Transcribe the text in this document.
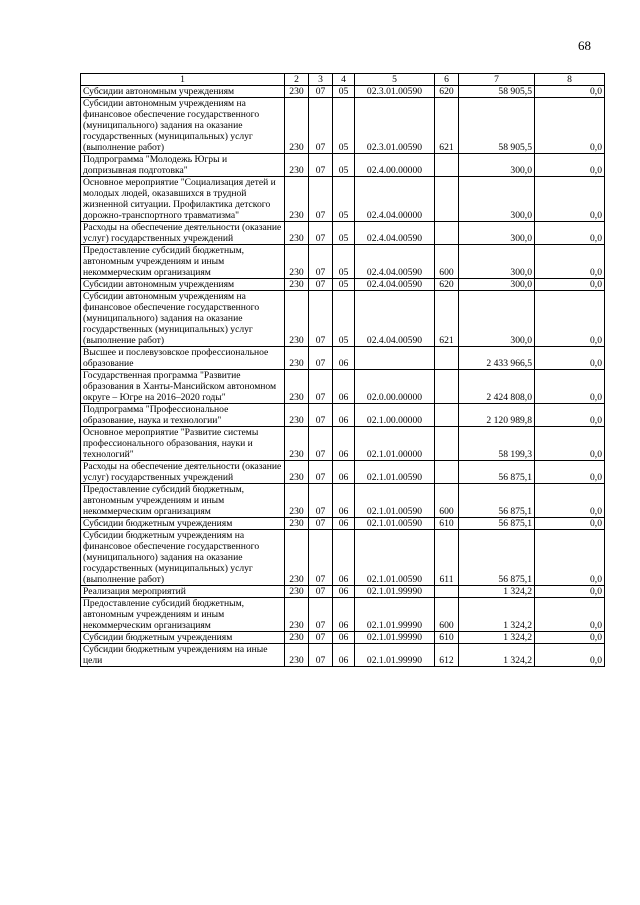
68
1	2	3	4	5	6	7	8
Субсидии автономным учреждениям	230	07	05	02.3.01.00590	620	58 905,5	0,0
Субсидии автономным учреждениям на финансовое обеспечение государственного (муниципального) задания на оказание государственных (муниципальных) услуг (выполнение работ)	230	07	05	02.3.01.00590	621	58 905,5	0,0
Подпрограмма "Молодежь Югры и допризывная подготовка"	230	07	05	02.4.00.00000		300,0	0,0
Основное мероприятие "Социализация детей и молодых людей, оказавшихся в трудной жизненной ситуации. Профилактика детского дорожно-транспортного травматизма"	230	07	05	02.4.04.00000		300,0	0,0
Расходы на обеспечение деятельности (оказание услуг) государственных учреждений	230	07	05	02.4.04.00590		300,0	0,0
Предоставление субсидий бюджетным, автономным учреждениям и иным некоммерческим организациям	230	07	05	02.4.04.00590	600	300,0	0,0
Субсидии автономным учреждениям	230	07	05	02.4.04.00590	620	300,0	0,0
Субсидии автономным учреждениям на финансовое обеспечение государственного (муниципального) задания на оказание государственных (муниципальных) услуг (выполнение работ)	230	07	05	02.4.04.00590	621	300,0	0,0
Высшее и послевузовское профессиональное образование	230	07	06			2 433 966,5	0,0
Государственная программа "Развитие образования в Ханты-Мансийском автономном округе – Югре на 2016–2020 годы"	230	07	06	02.0.00.00000		2 424 808,0	0,0
Подпрограмма "Профессиональное образование, наука и технологии"	230	07	06	02.1.00.00000		2 120 989,8	0,0
Основное мероприятие "Развитие системы профессионального образования, науки и технологий"	230	07	06	02.1.01.00000		58 199,3	0,0
Расходы на обеспечение деятельности (оказание услуг) государственных учреждений	230	07	06	02.1.01.00590		56 875,1	0,0
Предоставление субсидий бюджетным, автономным учреждениям и иным некоммерческим организациям	230	07	06	02.1.01.00590	600	56 875,1	0,0
Субсидии бюджетным учреждениям	230	07	06	02.1.01.00590	610	56 875,1	0,0
Субсидии бюджетным учреждениям на финансовое обеспечение государственного (муниципального) задания на оказание государственных (муниципальных) услуг (выполнение работ)	230	07	06	02.1.01.00590	611	56 875,1	0,0
Реализация мероприятий	230	07	06	02.1.01.99990		1 324,2	0,0
Предоставление субсидий бюджетным, автономным учреждениям и иным некоммерческим организациям	230	07	06	02.1.01.99990	600	1 324,2	0,0
Субсидии бюджетным учреждениям	230	07	06	02.1.01.99990	610	1 324,2	0,0
Субсидии бюджетным учреждениям на иные цели	230	07	06	02.1.01.99990	612	1 324,2	0,0
